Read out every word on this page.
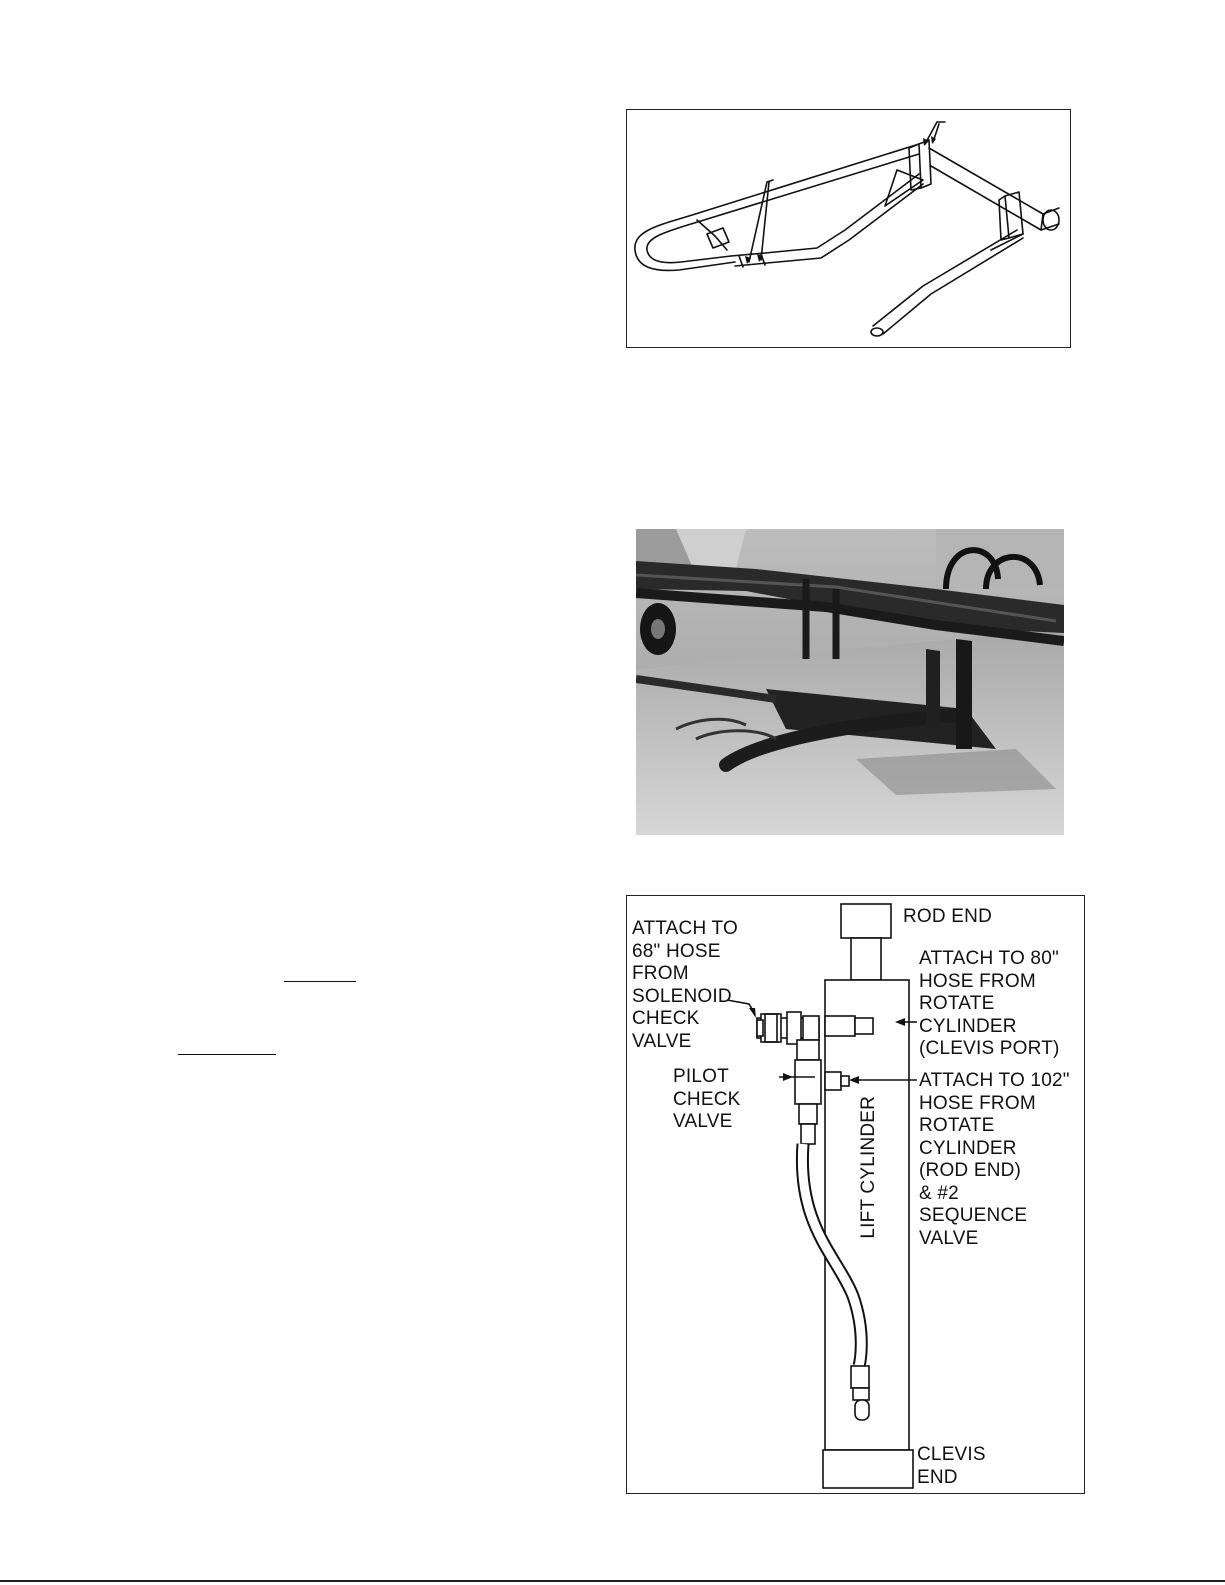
ROD END
ATTACH TO
68" HOSE
FROM
SOLENOID
CHECK
VALVE
ATTACH TO 80"
HOSE FROM
ROTATE
CYLINDER
(CLEVIS PORT)
PILOT
CHECK
VALVE
ATTACH TO 102"
HOSE FROM
ROTATE
CYLINDER
(ROD END)
& #2
SEQUENCE
VALVE
LIFT CYLINDER
CLEVIS
END
